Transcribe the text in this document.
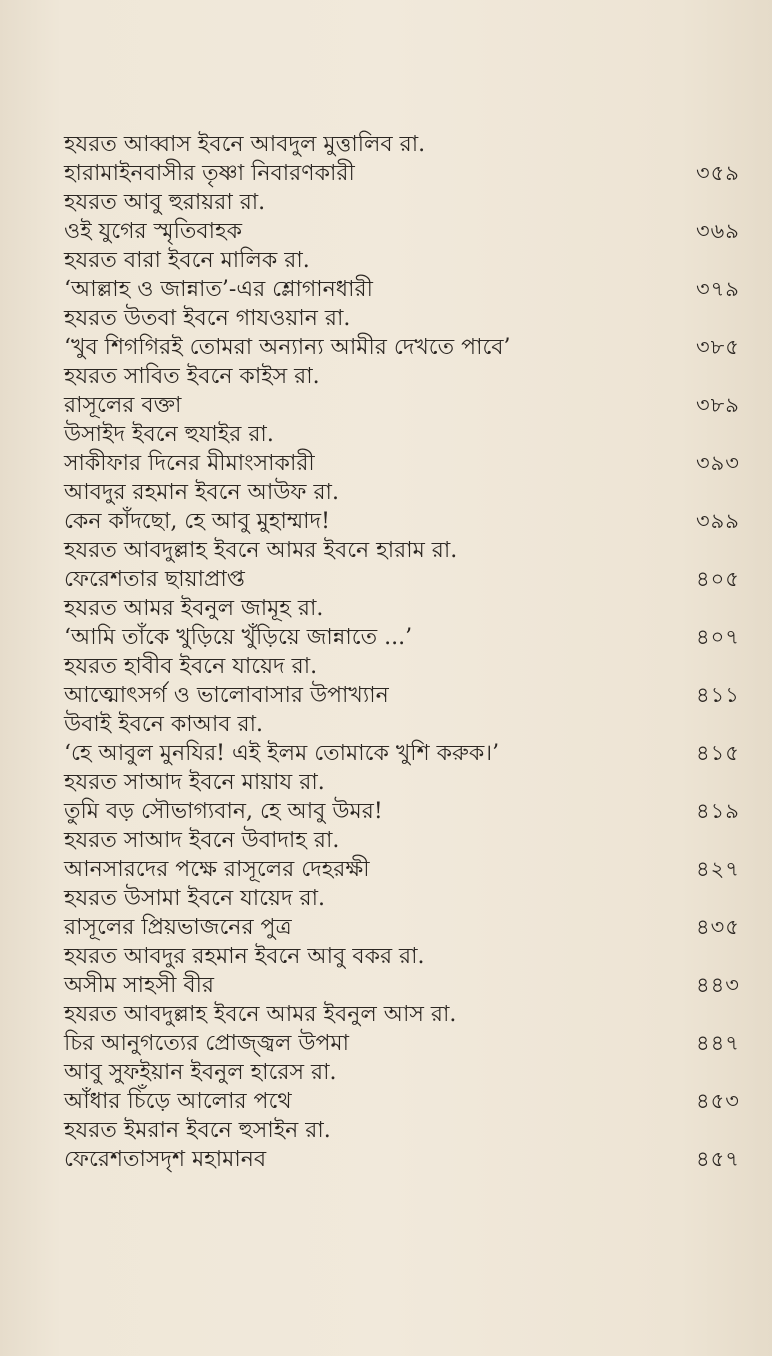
হযরত আব্বাস ইবনে আবদুল মুত্তালিব রা.
হারামাইনবাসীর তৃষ্ণা নিবারণকারী	৩৫৯
হযরত আবু হুরায়রা রা.
ওই যুগের স্মৃতিবাহক	৩৬৯
হযরত বারা ইবনে মালিক রা.
‘আল্লাহ ও জান্নাত’-এর শ্লোগানধারী	৩৭৯
হযরত উতবা ইবনে গাযওয়ান রা.
‘খুব শিগগিরই তোমরা অন্যান্য আমীর দেখতে পাবে’	৩৮৫
হযরত সাবিত ইবনে কাইস রা.
রাসূলের বক্তা	৩৮৯
উসাইদ ইবনে হুযাইর রা.
সাকীফার দিনের মীমাংসাকারী	৩৯৩
আবদুর রহমান ইবনে আউফ রা.
কেন কাঁদছো, হে আবু মুহাম্মাদ!	৩৯৯
হযরত আবদুল্লাহ ইবনে আমর ইবনে হারাম রা.
ফেরেশতার ছায়াপ্রাপ্ত	৪০৫
হযরত আমর ইবনুল জামূহ রা.
‘আমি তাঁকে খুড়িয়ে খুঁড়িয়ে জান্নাতে ...’	৪০৭
হযরত হাবীব ইবনে যায়েদ রা.
আত্মোৎসর্গ ও ভালোবাসার উপাখ্যান	৪১১
উবাই ইবনে কাআব রা.
‘হে আবুল মুনযির! এই ইলম তোমাকে খুশি করুক।’	৪১৫
হযরত সাআদ ইবনে মায়ায রা.
তুমি বড় সৌভাগ্যবান, হে আবু উমর!	৪১৯
হযরত সাআদ ইবনে উবাদাহ রা.
আনসারদের পক্ষে রাসূলের দেহরক্ষী	৪২৭
হযরত উসামা ইবনে যায়েদ রা.
রাসূলের প্রিয়ভাজনের পুত্র	৪৩৫
হযরত আবদুর রহমান ইবনে আবু বকর রা.
অসীম সাহসী বীর	৪৪৩
হযরত আবদুল্লাহ ইবনে আমর ইবনুল আস রা.
চির আনুগত্যের প্রোজ্জ্বল উপমা	৪৪৭
আবু সুফইয়ান ইবনুল হারেস রা.
আঁধার চিঁড়ে আলোর পথে	৪৫৩
হযরত ইমরান ইবনে হুসাইন রা.
ফেরেশতাসদৃশ মহামানব	৪৫৭
